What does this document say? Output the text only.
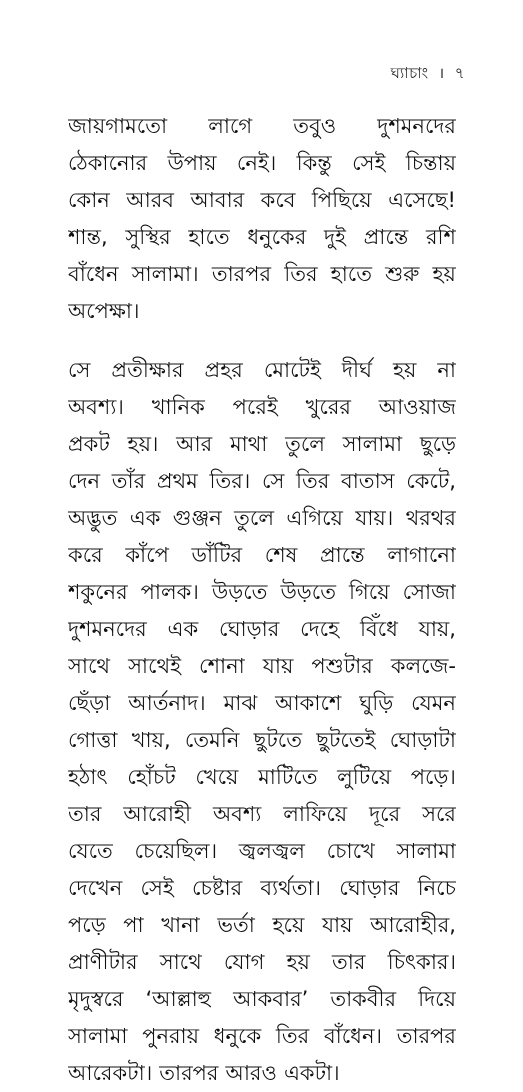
ঘ্যাচাং । ৭
জায়গামতো লাগে তবুও দুশমনদের
ঠেকানোর উপায় নেই। কিন্তু সেই চিন্তায়
কোন আরব আবার কবে পিছিয়ে এসেছে!
শান্ত, সুস্থির হাতে ধনুকের দুই প্রান্তে রশি
বাঁধেন সালামা। তারপর তির হাতে শুরু হয়
অপেক্ষা।
সে প্রতীক্ষার প্রহর মোটেই দীর্ঘ হয় না
অবশ্য। খানিক পরেই খুরের আওয়াজ
প্রকট হয়। আর মাথা তুলে সালামা ছুড়ে
দেন তাঁর প্রথম তির। সে তির বাতাস কেটে,
অদ্ভুত এক গুঞ্জন তুলে এগিয়ে যায়। থরথর
করে কাঁপে ডাঁটির শেষ প্রান্তে লাগানো
শকুনের পালক। উড়তে উড়তে গিয়ে সোজা
দুশমনদের এক ঘোড়ার দেহে বিঁধে যায়,
সাথে সাথেই শোনা যায় পশুটার কলজে-
ছেঁড়া আর্তনাদ। মাঝ আকাশে ঘুড়ি যেমন
গোত্তা খায়, তেমনি ছুটতে ছুটতেই ঘোড়াটা
হঠাৎ হোঁচট খেয়ে মাটিতে লুটিয়ে পড়ে।
তার আরোহী অবশ্য লাফিয়ে দূরে সরে
যেতে চেয়েছিল। জ্বলজ্বল চোখে সালামা
দেখেন সেই চেষ্টার ব্যর্থতা। ঘোড়ার নিচে
পড়ে পা খানা ভর্তা হয়ে যায় আরোহীর,
প্রাণীটার সাথে যোগ হয় তার চিৎকার।
মৃদুস্বরে ‘আল্লাহু আকবার’ তাকবীর দিয়ে
সালামা পুনরায় ধনুকে তির বাঁধেন। তারপর
আরেকটা। তারপর আরও একটা।
